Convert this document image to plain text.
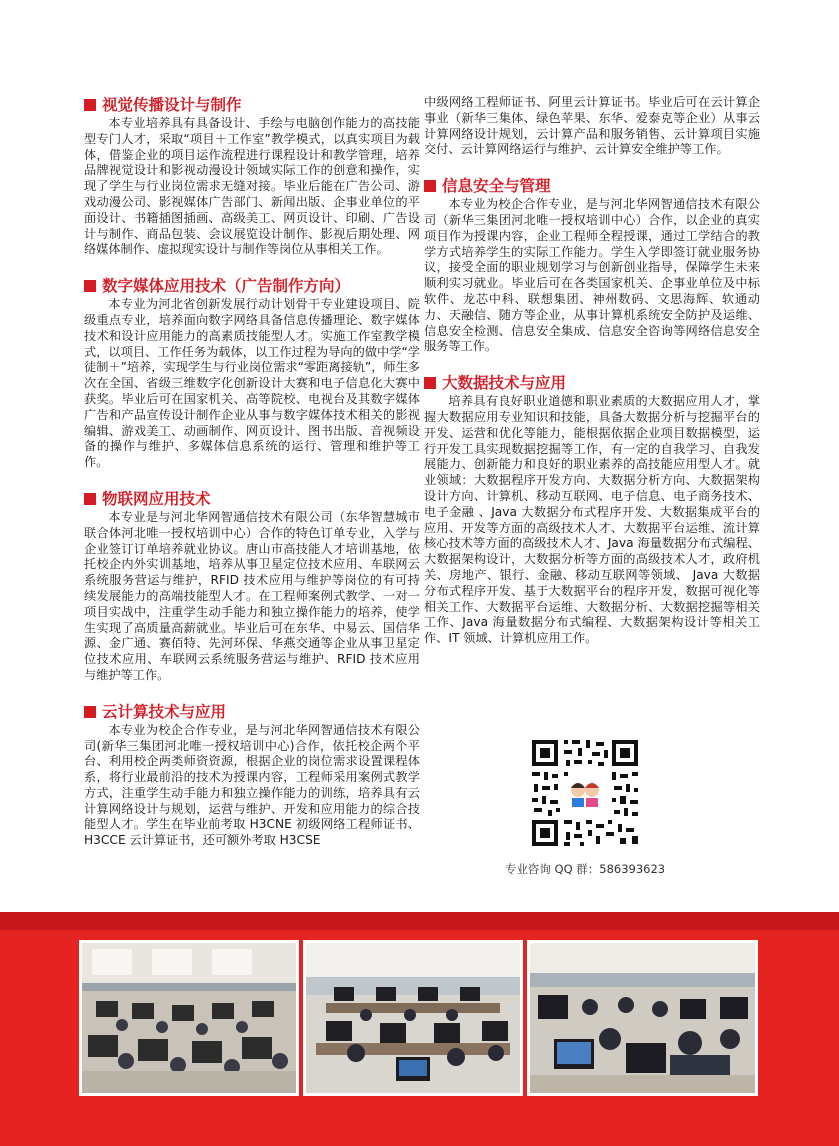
视觉传播设计与制作

本专业培养具有具备设计、手绘与电脑创作能力的高技能型专门人才，采取“项目＋工作室”教学模式，以真实项目为载体，借鉴企业的项目运作流程进行课程设计和教学管理，培养品牌视觉设计和影视动漫设计领域实际工作的创意和操作，实现了学生与行业岗位需求无缝对接。毕业后能在广告公司、游戏动漫公司、影视媒体广告部门、新闻出版、企事业单位的平面设计、书籍插图插画、高级美工、网页设计、印刷、广告设计与制作、商品包装、会议展览设计制作、影视后期处理、网络媒体制作、虚拟现实设计与制作等岗位从事相关工作。

数字媒体应用技术（广告制作方向）

本专业为河北省创新发展行动计划骨干专业建设项目、院级重点专业，培养面向数字网络具备信息传播理论、数字媒体技术和设计应用能力的高素质技能型人才。实施工作室教学模式，以项目、工作任务为载体，以工作过程为导向的做中学“学徒制＋”培养，实现学生与行业岗位需求“零距离接轨”，师生多次在全国、省级三维数字化创新设计大赛和电子信息化大赛中获奖。毕业后可在国家机关、高等院校、电视台及其数字媒体广告和产品宣传设计制作企业从事与数字媒体技术相关的影视编辑、游戏美工、动画制作、网页设计、图书出版、音视频设备的操作与维护、多媒体信息系统的运行、管理和维护等工作。

物联网应用技术

本专业是与河北华网智通信技术有限公司（东华智慧城市联合体河北唯一授权培训中心）合作的特色订单专业，入学与企业签订订单培养就业协议。唐山市高技能人才培训基地，依托校企内外实训基地，培养从事卫星定位技术应用、车联网云系统服务营运与维护，RFID 技术应用与维护等岗位的有可持续发展能力的高端技能型人才。在工程师案例式教学、一对一项目实战中，注重学生动手能力和独立操作能力的培养，使学生实现了高质量高薪就业。毕业后可在东华、中易云、国信华源、金广通、赛佰特、先河环保、华燕交通等企业从事卫星定位技术应用、车联网云系统服务营运与维护、RFID 技术应用与维护等工作。

云计算技术与应用

本专业为校企合作专业，是与河北华网智通信技术有限公司(新华三集团河北唯一授权培训中心)合作，依托校企两个平台、利用校企两类师资资源，根据企业的岗位需求设置课程体系，将行业最前沿的技术为授课内容，工程师采用案例式教学方式，注重学生动手能力和独立操作能力的训练，培养具有云计算网络设计与规划，运营与维护、开发和应用能力的综合技能型人才。学生在毕业前考取 H3CNE 初级网络工程师证书、H3CCE 云计算证书，还可额外考取 H3CSE

中级网络工程师证书、阿里云计算证书。毕业后可在云计算企事业（新华三集体、绿色苹果、东华、爱泰克等企业）从事云计算网络设计规划，云计算产品和服务销售、云计算项目实施交付、云计算网络运行与维护、云计算安全维护等工作。

信息安全与管理

本专业为校企合作专业，是与河北华网智通信技术有限公司（新华三集团河北唯一授权培训中心）合作，以企业的真实项目作为授课内容，企业工程师全程授课，通过工学结合的教学方式培养学生的实际工作能力。学生入学即签订就业服务协议，接受全面的职业规划学习与创新创业指导，保障学生未来顺利实习就业。毕业后可在各类国家机关、企事业单位及中标软件、龙芯中科、联想集团、神州数码、文思海辉、软通动力、天融信、随方等企业，从事计算机系统安全防护及运维、信息安全检测、信息安全集成、信息安全咨询等网络信息安全服务等工作。

大数据技术与应用

培养具有良好职业道德和职业素质的大数据应用人才，掌握大数据应用专业知识和技能，具备大数据分析与挖掘平台的开发、运营和优化等能力，能根据依据企业项目数据模型，运行开发工具实现数据挖掘等工作，有一定的自我学习、自我发展能力、创新能力和良好的职业素养的高技能应用型人才。就业领域：大数据程序开发方向、大数据分析方向、大数据架构设计方向、计算机、移动互联网、电子信息、电子商务技术、电子金融 、Java 大数据分布式程序开发、大数据集成平台的应用、开发等方面的高级技术人才、大数据平台运维、流计算核心技术等方面的高级技术人才、Java 海量数据分布式编程、大数据架构设计，大数据分析等方面的高级技术人才，政府机关、房地产、银行、金融、移动互联网等领域、 Java 大数据分布式程序开发、基于大数据平台的程序开发，数据可视化等相关工作、大数据平台运维、大数据分析、大数据挖掘等相关工作、Java 海量数据分布式编程、大数据架构设计等相关工作、IT 领域、计算机应用工作。

专业咨询 QQ 群：586393623
